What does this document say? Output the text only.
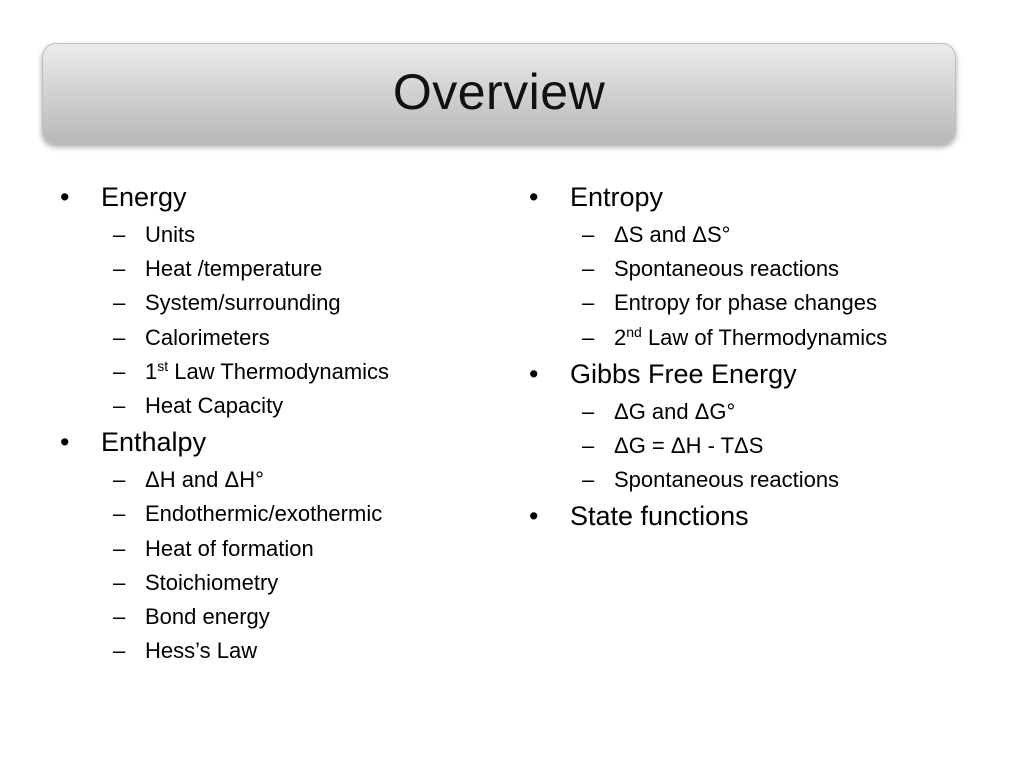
Overview
• Energy
– Units
– Heat /temperature
– System/surrounding
– Calorimeters
– 1st Law Thermodynamics
– Heat Capacity
• Enthalpy
– ΔH and ΔH°
– Endothermic/exothermic
– Heat of formation
– Stoichiometry
– Bond energy
– Hess’s Law
• Entropy
– ΔS and ΔS°
– Spontaneous reactions
– Entropy for phase changes
– 2nd Law of Thermodynamics
• Gibbs Free Energy
– ΔG and ΔG°
– ΔG = ΔH - TΔS
– Spontaneous reactions
• State functions
